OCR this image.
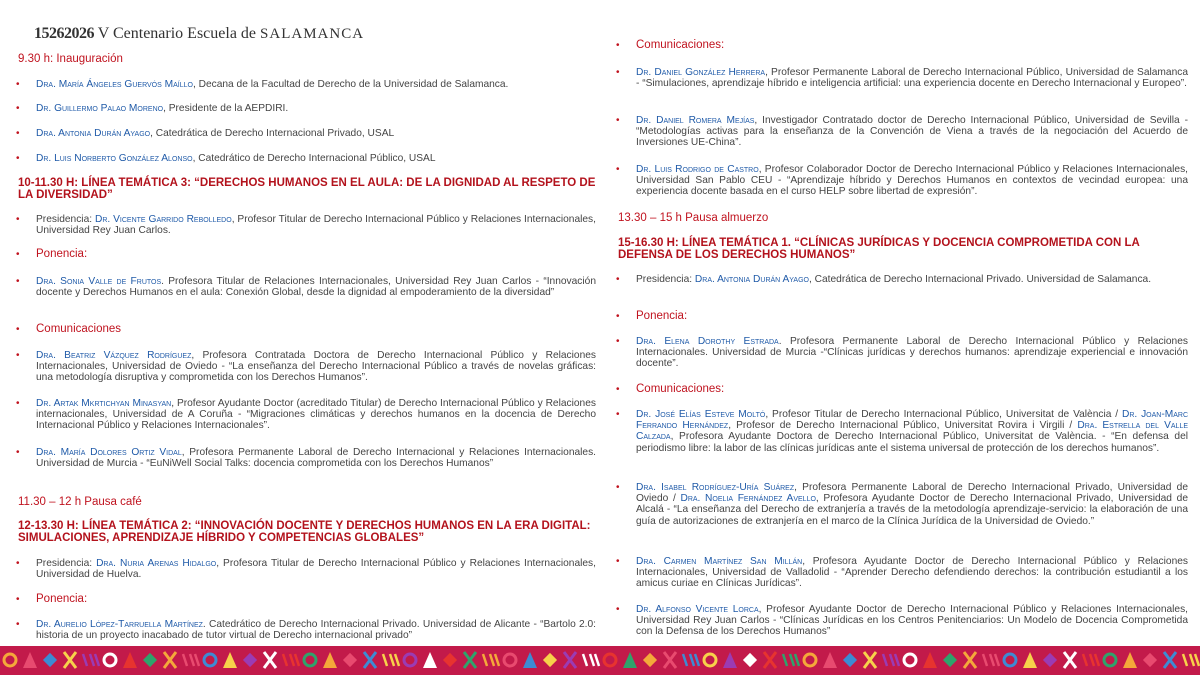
15262026 V Centenario Escuela de SALAMANCA
9.30 h: Inauguración
• Dra. María Ángeles Guervós Maíllo, Decana de la Facultad de Derecho de la Universidad de Salamanca.
• Dr. Guillermo Palao Moreno, Presidente de la AEPDIRI.
• Dra. Antonia Durán Ayago, Catedrática de Derecho Internacional Privado, USAL
• Dr. Luis Norberto González Alonso, Catedrático de Derecho Internacional Público, USAL
10-11.30 H: LÍNEA TEMÁTICA 3: “DERECHOS HUMANOS EN EL AULA: DE LA DIGNIDAD AL RESPETO DE LA DIVERSIDAD”
• Presidencia: Dr. Vicente Garrido Rebolledo, Profesor Titular de Derecho Internacional Público y Relaciones Internacionales, Universidad Rey Juan Carlos.
• Ponencia:
• Dra. Sonia Valle de Frutos. Profesora Titular de Relaciones Internacionales, Universidad Rey Juan Carlos - “Innovación docente y Derechos Humanos en el aula: Conexión Global, desde la dignidad al empoderamiento de la diversidad”
• Comunicaciones
• Dra. Beatriz Vázquez Rodríguez, Profesora Contratada Doctora de Derecho Internacional Público y Relaciones Internacionales, Universidad de Oviedo - “La enseñanza del Derecho Internacional Público a través de novelas gráficas: una metodología disruptiva y comprometida con los Derechos Humanos”.
• Dr. Artak Mkrtichyan Minasyan, Profesor Ayudante Doctor (acreditado Titular) de Derecho Internacional Público y Relaciones internacionales, Universidad de A Coruña - “Migraciones climáticas y derechos humanos en la docencia de Derecho Internacional Público y Relaciones Internacionales”.
• Dra. María Dolores Ortiz Vidal, Profesora Permanente Laboral de Derecho Internacional y Relaciones Internacionales. Universidad de Murcia - “EuNiWell Social Talks: docencia comprometida con los Derechos Humanos”
11.30 – 12 h Pausa café
12-13.30 H: LÍNEA TEMÁTICA 2: “INNOVACIÓN DOCENTE Y DERECHOS HUMANOS EN LA ERA DIGITAL: SIMULACIONES, APRENDIZAJE HÍBRIDO Y COMPETENCIAS GLOBALES”
• Presidencia: Dra. Nuria Arenas Hidalgo, Profesora Titular de Derecho Internacional Público y Relaciones Internacionales, Universidad de Huelva.
• Ponencia:
• Dr. Aurelio López-Tarruella Martínez. Catedrático de Derecho Internacional Privado. Universidad de Alicante - “Bartolo 2.0: historia de un proyecto inacabado de tutor virtual de Derecho internacional privado”
• Comunicaciones:
• Dr. Daniel González Herrera, Profesor Permanente Laboral de Derecho Internacional Público, Universidad de Salamanca - “Simulaciones, aprendizaje híbrido e inteligencia artificial: una experiencia docente en Derecho Internacional y Europeo”.
• Dr. Daniel Romera Mejías, Investigador Contratado doctor de Derecho Internacional Público, Universidad de Sevilla - “Metodologías activas para la enseñanza de la Convención de Viena a través de la negociación del Acuerdo de Inversiones UE-China”.
• Dr. Luis Rodrigo de Castro, Profesor Colaborador Doctor de Derecho Internacional Público y Relaciones Internacionales, Universidad San Pablo CEU - “Aprendizaje híbrido y Derechos Humanos en contextos de vecindad europea: una experiencia docente basada en el curso HELP sobre libertad de expresión”.
13.30 – 15 h Pausa almuerzo
15-16.30 H: LÍNEA TEMÁTICA 1. “CLÍNICAS JURÍDICAS Y DOCENCIA COMPROMETIDA CON LA DEFENSA DE LOS DERECHOS HUMANOS”
• Presidencia: Dra. Antonia Durán Ayago, Catedrática de Derecho Internacional Privado. Universidad de Salamanca.
• Ponencia:
• Dra. Elena Dorothy Estrada. Profesora Permanente Laboral de Derecho Internacional Público y Relaciones Internacionales. Universidad de Murcia -“Clínicas jurídicas y derechos humanos: aprendizaje experiencial e innovación docente”.
• Comunicaciones:
• Dr. José Elías Esteve Moltó, Profesor Titular de Derecho Internacional Público, Universitat de València / Dr. Joan-Marc Ferrando Hernández, Profesor de Derecho Internacional Público, Universitat Rovira i Virgili / Dra. Estrella del Valle Calzada, Profesora Ayudante Doctora de Derecho Internacional Público, Universitat de València. - “En defensa del periodismo libre: la labor de las clínicas jurídicas ante el sistema universal de protección de los derechos humanos”.
• Dra. Isabel Rodríguez-Uría Suárez, Profesora Permanente Laboral de Derecho Internacional Privado, Universidad de Oviedo / Dra. Noelia Fernández Avello, Profesora Ayudante Doctor de Derecho Internacional Privado, Universidad de Alcalá - “La enseñanza del Derecho de extranjería a través de la metodología aprendizaje-servicio: la elaboración de una guía de autorizaciones de extranjería en el marco de la Clínica Jurídica de la Universidad de Oviedo.”
• Dra. Carmen Martínez San Millán, Profesora Ayudante Doctor de Derecho Internacional Público y Relaciones Internacionales, Universidad de Valladolid - “Aprender Derecho defendiendo derechos: la contribución estudiantil a los amicus curiae en Clínicas Jurídicas”.
• Dr. Alfonso Vicente Lorca, Profesor Ayudante Doctor de Derecho Internacional Público y Relaciones Internacionales, Universidad Rey Juan Carlos - “Clínicas Jurídicas en los Centros Penitenciarios: Un Modelo de Docencia Comprometida con la Defensa de los Derechos Humanos”
